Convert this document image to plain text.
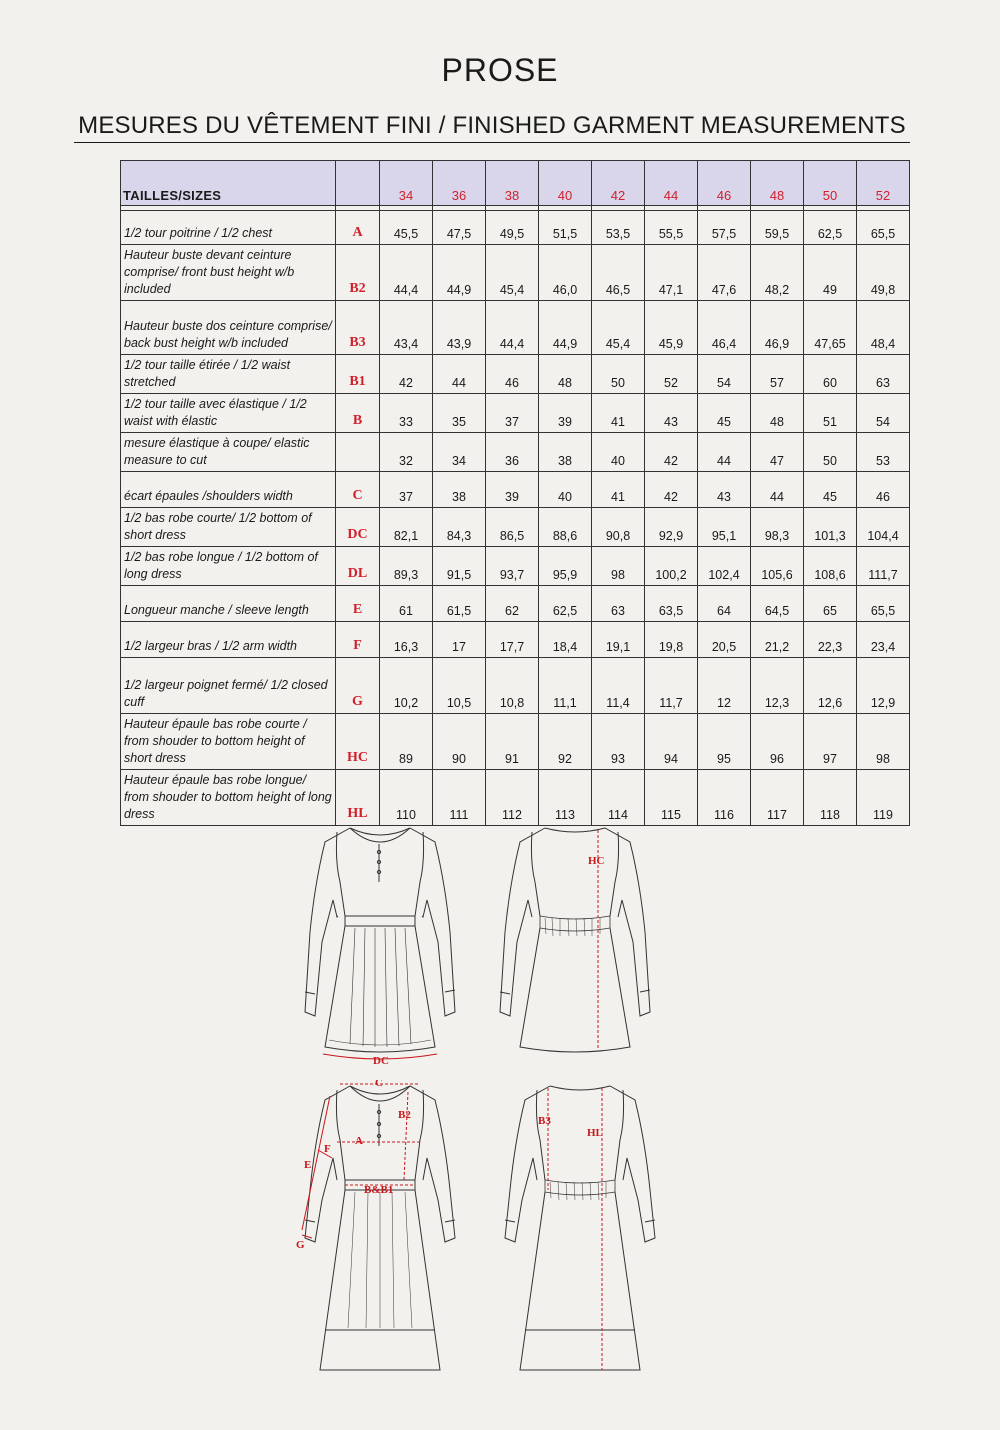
PROSE
MESURES DU VÊTEMENT FINI / FINISHED GARMENT MEASUREMENTS
TAILLES/SIZES		34	36	38	40	42	44	46	48	50	52

1/2 tour poitrine / 1/2 chest	A	45,5	47,5	49,5	51,5	53,5	55,5	57,5	59,5	62,5	65,5
Hauteur buste devant ceinture comprise/ front bust height w/b included	B2	44,4	44,9	45,4	46,0	46,5	47,1	47,6	48,2	49	49,8
Hauteur buste dos ceinture comprise/ back bust height w/b included	B3	43,4	43,9	44,4	44,9	45,4	45,9	46,4	46,9	47,65	48,4
1/2 tour taille étirée / 1/2 waist stretched	B1	42	44	46	48	50	52	54	57	60	63
1/2 tour taille avec élastique / 1/2 waist with élastic	B	33	35	37	39	41	43	45	48	51	54
mesure élastique à coupe/ elastic measure to cut		32	34	36	38	40	42	44	47	50	53
écart épaules /shoulders width	C	37	38	39	40	41	42	43	44	45	46
1/2 bas robe courte/ 1/2 bottom of short dress	DC	82,1	84,3	86,5	88,6	90,8	92,9	95,1	98,3	101,3	104,4
1/2 bas robe longue / 1/2 bottom of long dress	DL	89,3	91,5	93,7	95,9	98	100,2	102,4	105,6	108,6	111,7
Longueur manche / sleeve length	E	61	61,5	62	62,5	63	63,5	64	64,5	65	65,5
1/2 largeur bras / 1/2 arm width	F	16,3	17	17,7	18,4	19,1	19,8	20,5	21,2	22,3	23,4
1/2 largeur poignet fermé/ 1/2 closed cuff	G	10,2	10,5	10,8	11,1	11,4	11,7	12	12,3	12,6	12,9
Hauteur épaule bas robe courte / from shouder to bottom height of short dress	HC	89	90	91	92	93	94	95	96	97	98
Hauteur épaule bas robe longue/ from shouder to bottom height of long dress	HL	110	111	112	113	114	115	116	117	118	119
DC
HC
C
B2
A
F
E
B&B1
G
B3
HL
